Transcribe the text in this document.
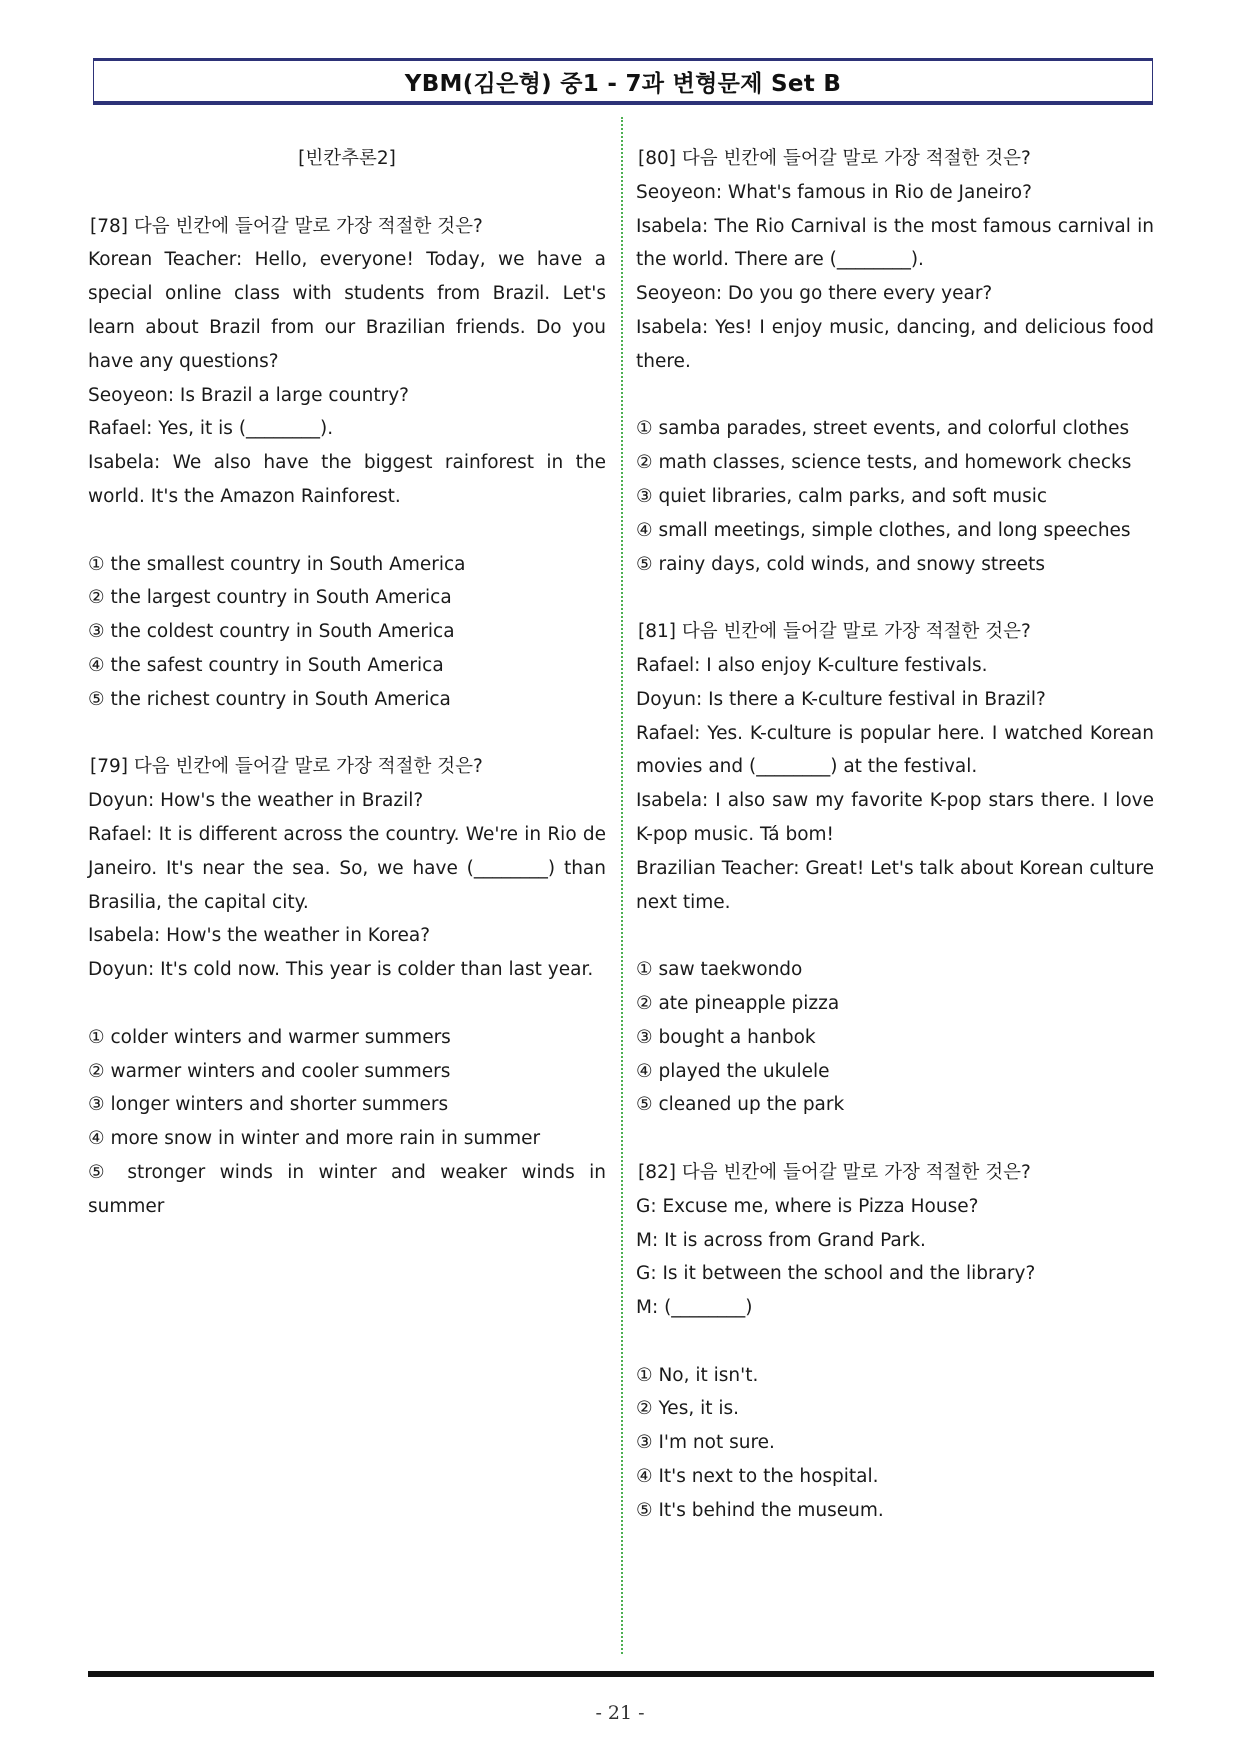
YBM(김은형) 중1 - 7과 변형문제 Set B
[빈칸추론2]
[78] 다음 빈칸에 들어갈 말로 가장 적절한 것은?
Korean Teacher: Hello, everyone! Today, we have a special online class with students from Brazil. Let's learn about Brazil from our Brazilian friends. Do you have any questions?
Seoyeon: Is Brazil a large country?
Rafael: Yes, it is (________).
Isabela: We also have the biggest rainforest in the world. It's the Amazon Rainforest.
① the smallest country in South America
② the largest country in South America
③ the coldest country in South America
④ the safest country in South America
⑤ the richest country in South America
[79] 다음 빈칸에 들어갈 말로 가장 적절한 것은?
Doyun: How's the weather in Brazil?
Rafael: It is different across the country. We're in Rio de Janeiro. It's near the sea. So, we have (________) than Brasilia, the capital city.
Isabela: How's the weather in Korea?
Doyun: It's cold now. This year is colder than last year.
① colder winters and warmer summers
② warmer winters and cooler summers
③ longer winters and shorter summers
④ more snow in winter and more rain in summer
⑤ stronger winds in winter and weaker winds in summer
[80] 다음 빈칸에 들어갈 말로 가장 적절한 것은?
Seoyeon: What's famous in Rio de Janeiro?
Isabela: The Rio Carnival is the most famous carnival in the world. There are (________).
Seoyeon: Do you go there every year?
Isabela: Yes! I enjoy music, dancing, and delicious food there.
① samba parades, street events, and colorful clothes
② math classes, science tests, and homework checks
③ quiet libraries, calm parks, and soft music
④ small meetings, simple clothes, and long speeches
⑤ rainy days, cold winds, and snowy streets
[81] 다음 빈칸에 들어갈 말로 가장 적절한 것은?
Rafael: I also enjoy K-culture festivals.
Doyun: Is there a K-culture festival in Brazil?
Rafael: Yes. K-culture is popular here. I watched Korean movies and (________) at the festival.
Isabela: I also saw my favorite K-pop stars there. I love K-pop music. Tá bom!
Brazilian Teacher: Great! Let's talk about Korean culture next time.
① saw taekwondo
② ate pineapple pizza
③ bought a hanbok
④ played the ukulele
⑤ cleaned up the park
[82] 다음 빈칸에 들어갈 말로 가장 적절한 것은?
G: Excuse me, where is Pizza House?
M: It is across from Grand Park.
G: Is it between the school and the library?
M: (________)
① No, it isn't.
② Yes, it is.
③ I'm not sure.
④ It's next to the hospital.
⑤ It's behind the museum.
- 21 -
